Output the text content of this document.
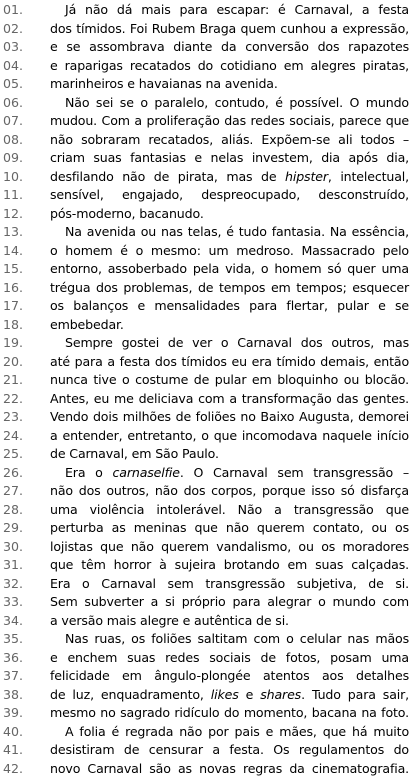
01.	Já não dá mais para escapar: é Carnaval, a festa
02.	dos tímidos. Foi Rubem Braga quem cunhou a expressão,
03.	e se assombrava diante da conversão dos rapazotes
04.	e raparigas recatados do cotidiano em alegres piratas,
05.	marinheiros e havaianas na avenida.
06.	Não sei se o paralelo, contudo, é possível. O mundo
07.	mudou. Com a proliferação das redes sociais, parece que
08.	não sobraram recatados, aliás. Expõem-se ali todos –
09.	criam suas fantasias e nelas investem, dia após dia,
10.	desfilando não de pirata, mas de hipster, intelectual,
11.	sensível, engajado, despreocupado, desconstruído,
12.	pós-moderno, bacanudo.
13.	Na avenida ou nas telas, é tudo fantasia. Na essência,
14.	o homem é o mesmo: um medroso. Massacrado pelo
15.	entorno, assoberbado pela vida, o homem só quer uma
16.	trégua dos problemas, de tempos em tempos; esquecer
17.	os balanços e mensalidades para flertar, pular e se
18.	embebedar.
19.	Sempre gostei de ver o Carnaval dos outros, mas
20.	até para a festa dos tímidos eu era tímido demais, então
21.	nunca tive o costume de pular em bloquinho ou blocão.
22.	Antes, eu me deliciava com a transformação das gentes.
23.	Vendo dois milhões de foliões no Baixo Augusta, demorei
24.	a entender, entretanto, o que incomodava naquele início
25.	de Carnaval, em São Paulo.
26.	Era o carnaselfie. O Carnaval sem transgressão –
27.	não dos outros, não dos corpos, porque isso só disfarça
28.	uma violência intolerável. Não a transgressão que
29.	perturba as meninas que não querem contato, ou os
30.	lojistas que não querem vandalismo, ou os moradores
31.	que têm horror à sujeira brotando em suas calçadas.
32.	Era o Carnaval sem transgressão subjetiva, de si.
33.	Sem subverter a si próprio para alegrar o mundo com
34.	a versão mais alegre e autêntica de si.
35.	Nas ruas, os foliões saltitam com o celular nas mãos
36.	e enchem suas redes sociais de fotos, posam uma
37.	felicidade em ângulo-plongée atentos aos detalhes
38.	de luz, enquadramento, likes e shares. Tudo para sair,
39.	mesmo no sagrado ridículo do momento, bacana na foto.
40.	A folia é regrada não por pais e mães, que há muito
41.	desistiram de censurar a festa. Os regulamentos do
42.	novo Carnaval são as novas regras da cinematografia.
